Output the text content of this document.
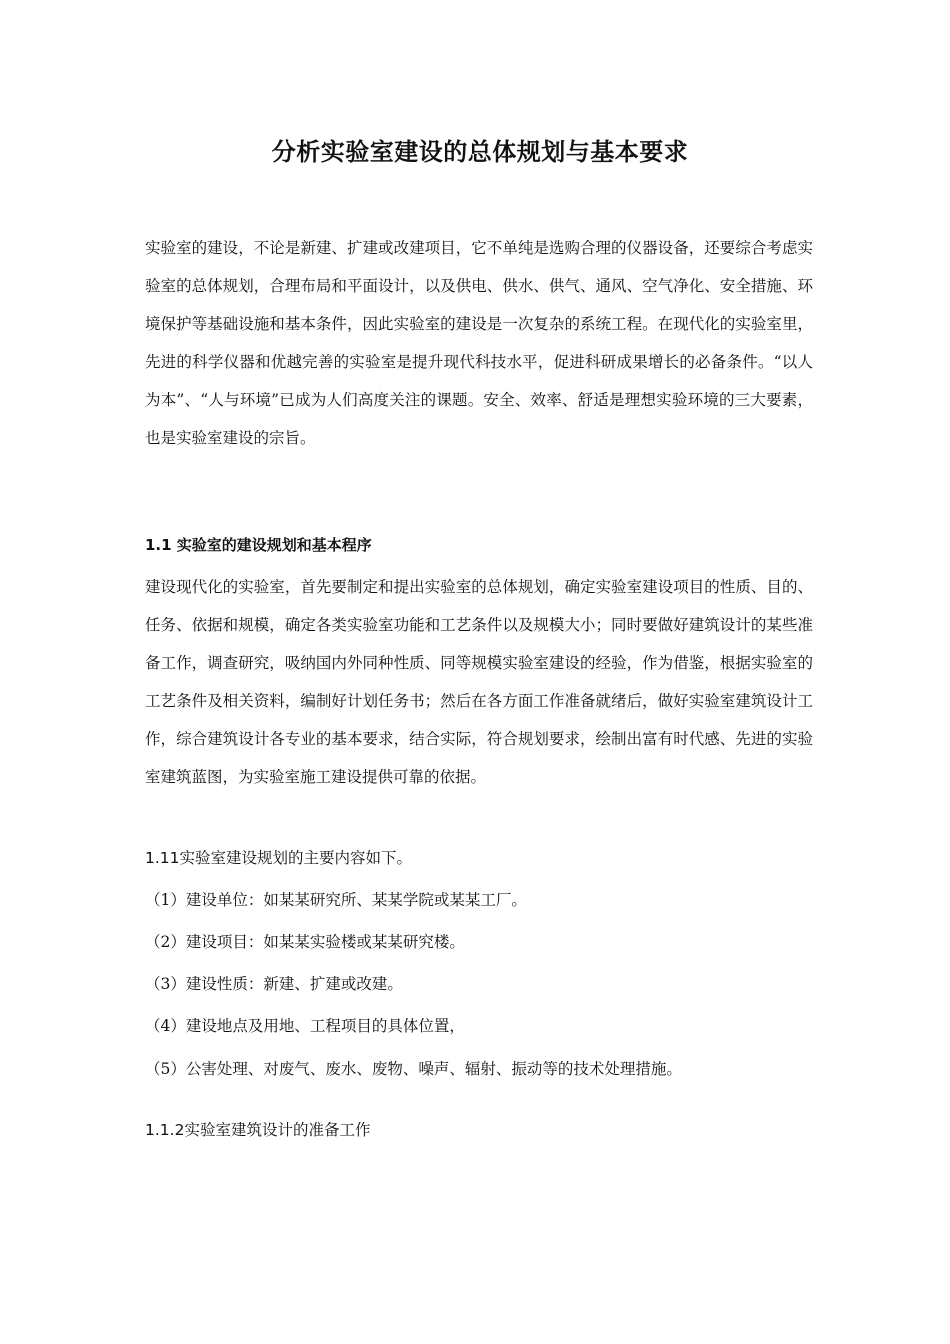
分析实验室建设的总体规划与基本要求

实验室的建设，不论是新建、扩建或改建项目，它不单纯是选购合理的仪器设备，还要综合考虑实验室的总体规划，合理布局和平面设计，以及供电、供水、供气、通风、空气净化、安全措施、环境保护等基础设施和基本条件，因此实验室的建设是一次复杂的系统工程。在现代化的实验室里，先进的科学仪器和优越完善的实验室是提升现代科技水平，促进科研成果增长的必备条件。“以人为本”、“人与环境”已成为人们高度关注的课题。安全、效率、舒适是理想实验环境的三大要素，也是实验室建设的宗旨。

1.1 实验室的建设规划和基本程序

建设现代化的实验室，首先要制定和提出实验室的总体规划，确定实验室建设项目的性质、目的、任务、依据和规模，确定各类实验室功能和工艺条件以及规模大小；同时要做好建筑设计的某些准备工作，调查研究，吸纳国内外同种性质、同等规模实验室建设的经验，作为借鉴，根据实验室的工艺条件及相关资料，编制好计划任务书；然后在各方面工作准备就绪后，做好实验室建筑设计工作，综合建筑设计各专业的基本要求，结合实际，符合规划要求，绘制出富有时代感、先进的实验室建筑蓝图，为实验室施工建设提供可靠的依据。

1.11实验室建设规划的主要内容如下。

（1）建设单位：如某某研究所、某某学院或某某工厂。

（2）建设项目：如某某实验楼或某某研究楼。

（3）建设性质：新建、扩建或改建。

（4）建设地点及用地、工程项目的具体位置，

（5）公害处理、对废气、废水、废物、噪声、辐射、振动等的技术处理措施。

1.1.2实验室建筑设计的准备工作
